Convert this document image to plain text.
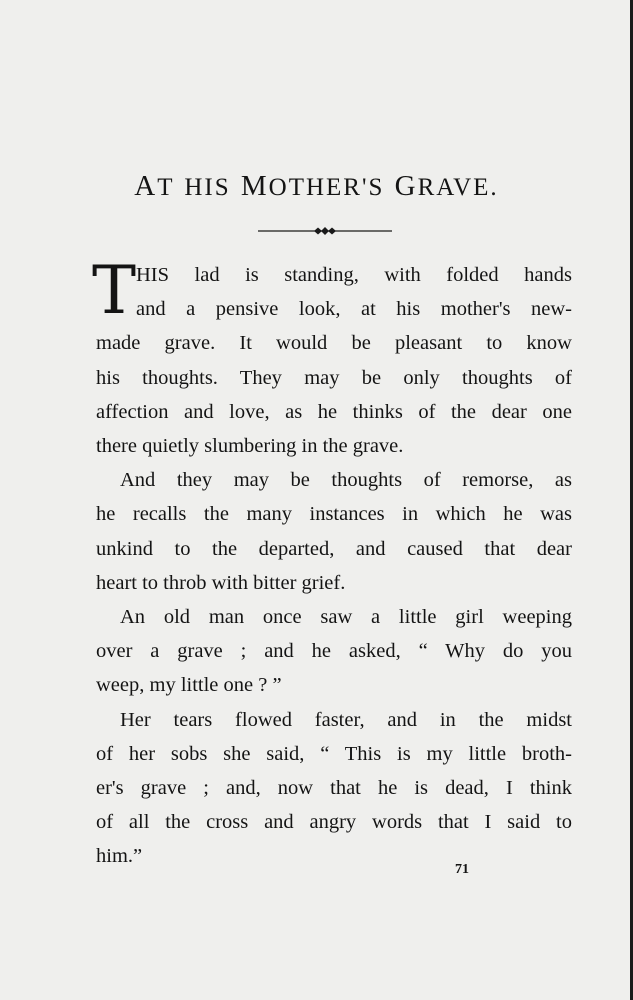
AT HIS MOTHER'S GRAVE.
T HIS lad is standing, with folded hands
and a pensive look, at his mother's new-
made grave. It would be pleasant to know
his thoughts. They may be only thoughts of
affection and love, as he thinks of the dear one
there quietly slumbering in the grave.
And they may be thoughts of remorse, as
he recalls the many instances in which he was
unkind to the departed, and caused that dear
heart to throb with bitter grief.
An old man once saw a little girl weeping
over a grave ; and he asked, “ Why do you
weep, my little one ? ”
Her tears flowed faster, and in the midst
of her sobs she said, “ This is my little broth-
er's grave ; and, now that he is dead, I think
of all the cross and angry words that I said to
him.”
71
